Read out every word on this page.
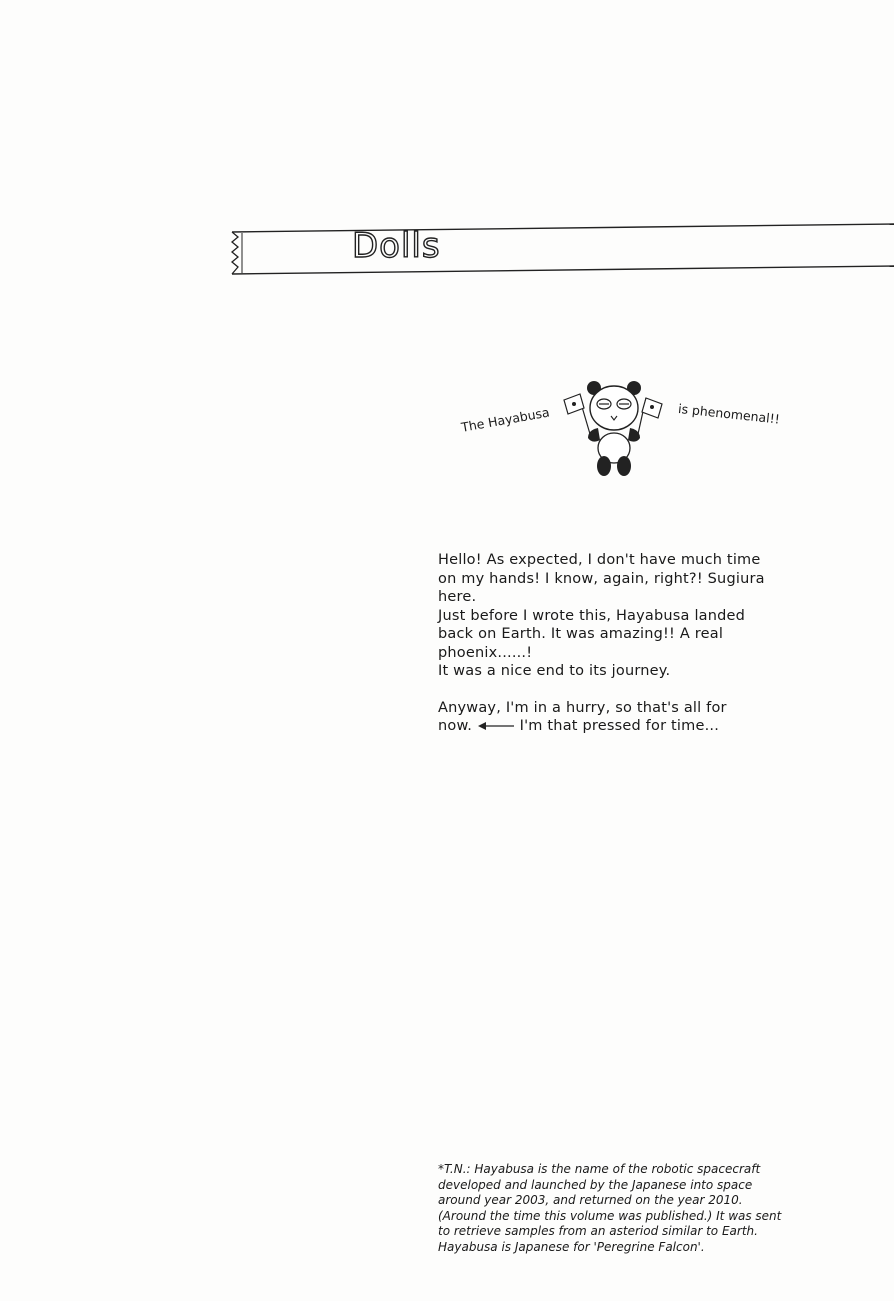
Dolls
The Hayabusa	is phenomenal!!

Hello! As expected, I don't have much time

on my hands! I know, again, right?! Sugiura

here.

Just before I wrote this, Hayabusa landed

back on Earth. It was amazing!! A real

phoenix......!

It was a nice end to its journey.

Anyway, I'm in a hurry, so that's all for

now.	I'm that pressed for time...

*T.N.: Hayabusa is the name of the robotic spacecraft
developed and launched by the Japanese into space
around year 2003, and returned on the year 2010.
(Around the time this volume was published.) It was sent
to retrieve samples from an asteriod similar to Earth.
Hayabusa is Japanese for 'Peregrine Falcon'.
